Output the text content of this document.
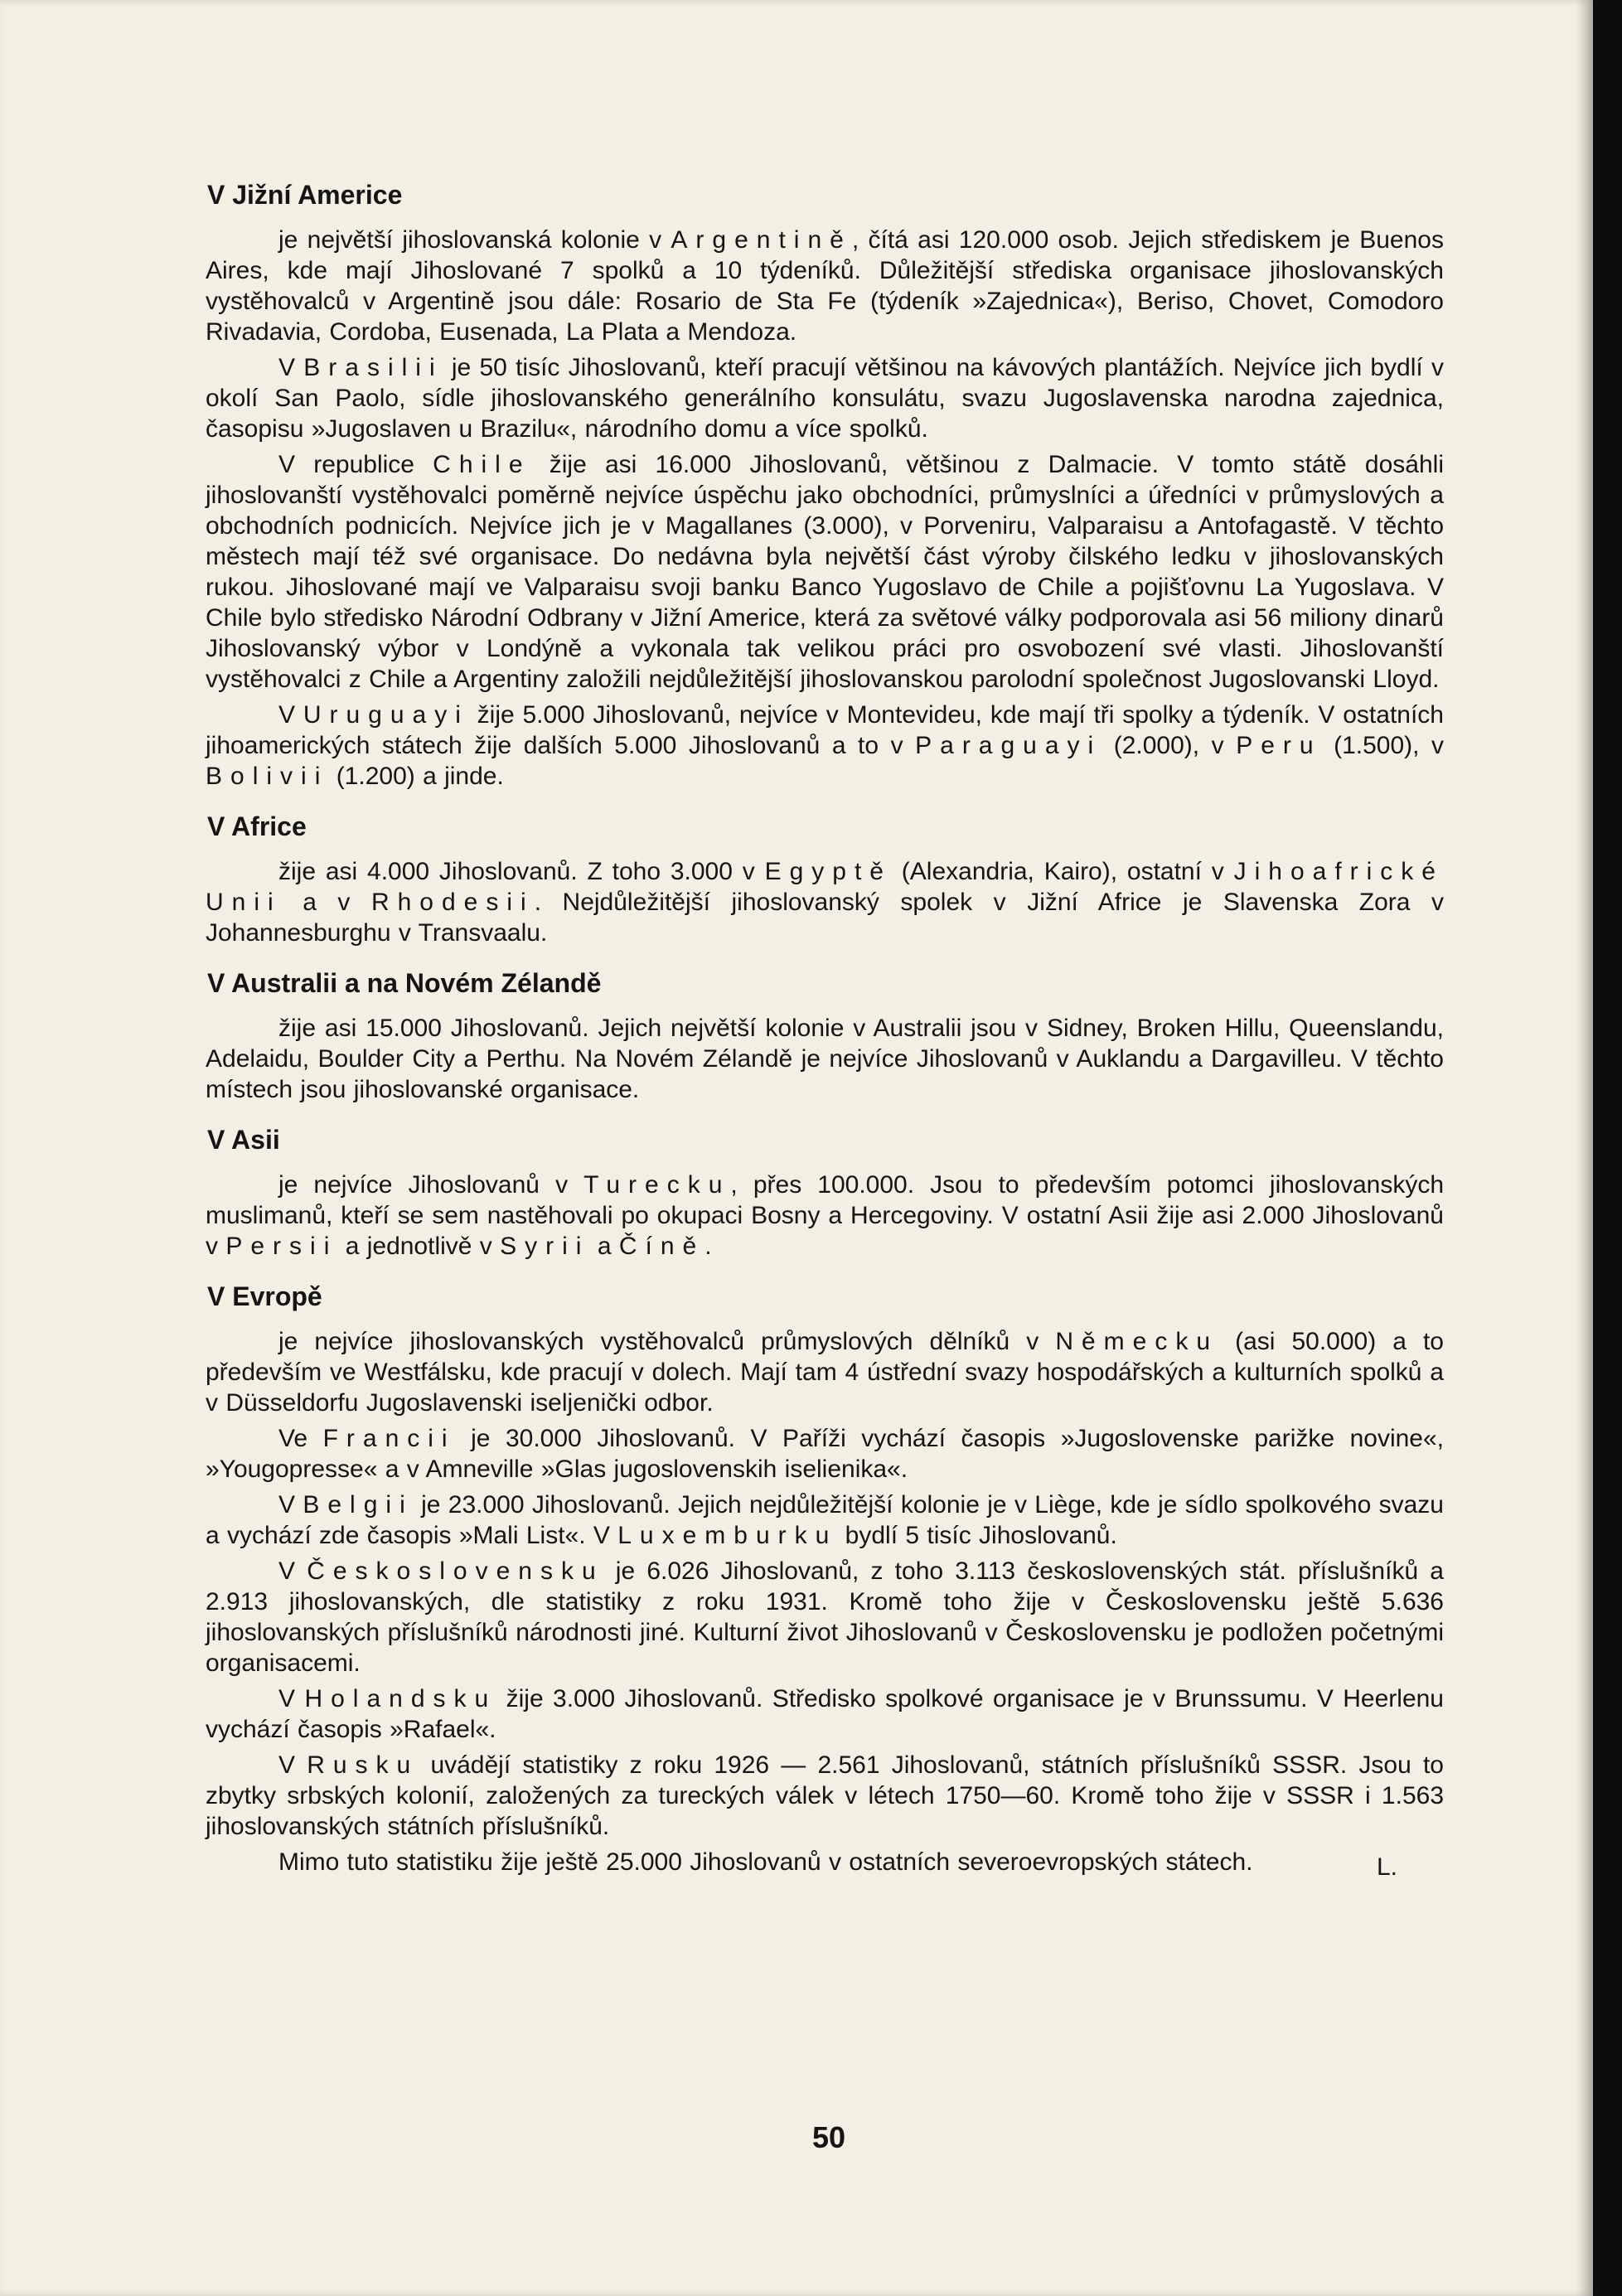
V Jižní Americe
je největší jihoslovanská kolonie v Argentině, čítá asi 120.000 osob. Jejich střediskem je Buenos Aires, kde mají Jihoslované 7 spolků a 10 týdeníků. Důležitější střediska organisace jihoslovanských vystěhovalců v Argentině jsou dále: Rosario de Sta Fe (týdeník »Zajednica«), Beriso, Chovet, Comodoro Rivadavia, Cordoba, Eusenada, La Plata a Mendoza.
V Brasilii je 50 tisíc Jihoslovanů, kteří pracují většinou na kávových plantážích. Nejvíce jich bydlí v okolí San Paolo, sídle jihoslovanského generálního konsulátu, svazu Jugoslavenska narodna zajednica, časopisu »Jugoslaven u Brazilu«, národního domu a více spolků.
V republice Chile žije asi 16.000 Jihoslovanů, většinou z Dalmacie. V tomto státě dosáhli jihoslovanští vystěhovalci poměrně nejvíce úspěchu jako obchodníci, průmyslníci a úředníci v průmyslových a obchodních podnicích. Nejvíce jich je v Magallanes (3.000), v Porveniru, Valparaisu a Antofagastě. V těchto městech mají též své organisace. Do nedávna byla největší část výroby čilského ledku v jihoslovanských rukou. Jihoslované mají ve Valparaisu svoji banku Banco Yugoslavo de Chile a pojišťovnu La Yugoslava. V Chile bylo středisko Národní Odbrany v Jižní Americe, která za světové války podporovala asi 56 miliony dinarů Jihoslovanský výbor v Londýně a vykonala tak velikou práci pro osvobození své vlasti. Jihoslovanští vystěhovalci z Chile a Argentiny založili nejdůležitější jihoslovanskou parolodní společnost Jugoslovanski Lloyd.
V Uruguayi žije 5.000 Jihoslovanů, nejvíce v Montevideu, kde mají tři spolky a týdeník. V ostatních jihoamerických státech žije dalších 5.000 Jihoslovanů a to v Paraguayi (2.000), v Peru (1.500), v Bolivii (1.200) a jinde.
V Africe
žije asi 4.000 Jihoslovanů. Z toho 3.000 v Egyptě (Alexandria, Kairo), ostatní v Jihoafrické Unii a v Rhodesii. Nejdůležitější jihoslovanský spolek v Jižní Africe je Slavenska Zora v Johannesburghu v Transvaalu.
V Australii a na Novém Zélandě
žije asi 15.000 Jihoslovanů. Jejich největší kolonie v Australii jsou v Sidney, Broken Hillu, Queenslandu, Adelaidu, Boulder City a Perthu. Na Novém Zélandě je nejvíce Jihoslovanů v Auklandu a Dargavilleu. V těchto místech jsou jihoslovanské organisace.
V Asii
je nejvíce Jihoslovanů v Turecku, přes 100.000. Jsou to především potomci jihoslovanských muslimanů, kteří se sem nastěhovali po okupaci Bosny a Hercegoviny. V ostatní Asii žije asi 2.000 Jihoslovanů v Persii a jednotlivě v Syrii a Číně.
V Evropě
je nejvíce jihoslovanských vystěhovalců průmyslových dělníků v Německu (asi 50.000) a to především ve Westfálsku, kde pracují v dolech. Mají tam 4 ústřední svazy hospodářských a kulturních spolků a v Düsseldorfu Jugoslavenski iseljenički odbor.
Ve Francii je 30.000 Jihoslovanů. V Paříži vychází časopis »Jugoslovenske parižke novine«, »Yougopresse« a v Amneville »Glas jugoslovenskih iselienika«.
V Belgii je 23.000 Jihoslovanů. Jejich nejdůležitější kolonie je v Liège, kde je sídlo spolkového svazu a vychází zde časopis »Mali List«. V Luxemburku bydlí 5 tisíc Jihoslovanů.
V Československu je 6.026 Jihoslovanů, z toho 3.113 československých stát. příslušníků a 2.913 jihoslovanských, dle statistiky z roku 1931. Kromě toho žije v Československu ještě 5.636 jihoslovanských příslušníků národnosti jiné. Kulturní život Jihoslovanů v Československu je podložen početnými organisacemi.
V Holandsku žije 3.000 Jihoslovanů. Středisko spolkové organisace je v Brunssumu. V Heerlenu vychází časopis »Rafael«.
V Rusku uvádějí statistiky z roku 1926 — 2.561 Jihoslovanů, státních příslušníků SSSR. Jsou to zbytky srbských kolonií, založených za tureckých válek v létech 1750—60. Kromě toho žije v SSSR i 1.563 jihoslovanských státních příslušníků.
Mimo tuto statistiku žije ještě 25.000 Jihoslovanů v ostatních severoevropských státech.	L.
50
